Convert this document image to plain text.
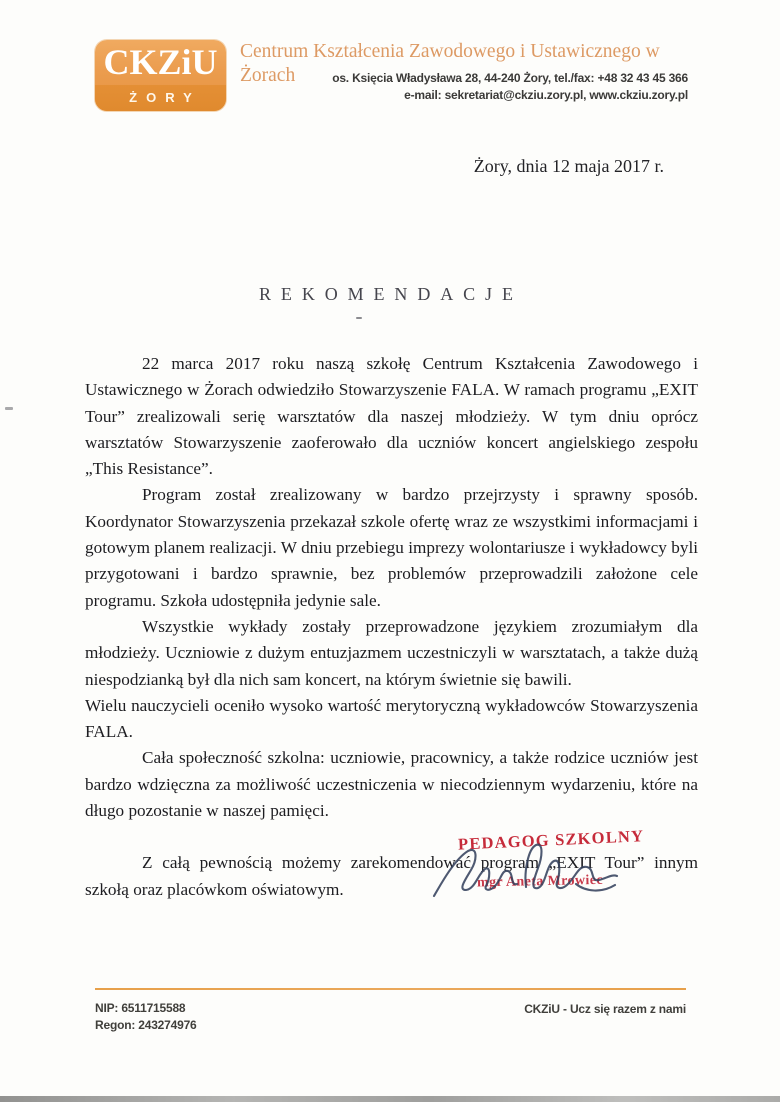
CKZiU
ŻORY
Centrum Kształcenia Zawodowego i Ustawicznego w Żorach	os. Księcia Władysława 28, 44-240 Żory, tel./fax: +48 32 43 45 366
e-mail: sekretariat@ckziu.zory.pl, www.ckziu.zory.pl
Żory, dnia 12 maja 2017 r.
REKOMENDACJE

22 marca 2017 roku naszą szkołę Centrum Kształcenia Zawodowego i Ustawicznego w Żorach odwiedziło Stowarzyszenie FALA. W ramach programu „EXIT Tour” zrealizowali serię warsztatów dla naszej młodzieży. W tym dniu oprócz warsztatów Stowarzyszenie zaoferowało dla uczniów koncert angielskiego zespołu „This Resistance”.

Program został zrealizowany w bardzo przejrzysty i sprawny sposób. Koordynator Stowarzyszenia przekazał szkole ofertę wraz ze wszystkimi informacjami i gotowym planem realizacji. W dniu przebiegu imprezy wolontariusze i wykładowcy byli przygotowani i bardzo sprawnie, bez problemów przeprowadzili założone cele programu. Szkoła udostępniła jedynie sale.

Wszystkie wykłady zostały przeprowadzone językiem zrozumiałym dla młodzieży. Uczniowie z dużym entuzjazmem uczestniczyli w warsztatach, a także dużą niespodzianką był dla nich sam koncert, na którym świetnie się bawili.

Wielu nauczycieli oceniło wysoko wartość merytoryczną wykładowców Stowarzyszenia FALA.

Cała społeczność szkolna: uczniowie, pracownicy, a także rodzice uczniów jest bardzo wdzięczna za możliwość uczestniczenia w niecodziennym wydarzeniu, które na długo pozostanie w naszej pamięci.

Z całą pewnością możemy zarekomendować program „EXIT Tour” innym szkołą oraz placówkom oświatowym.

PEDAGOG SZKOLNY
mgr Aneta Mrowiec
NIP: 6511715588
Regon: 243274976
CKZiU - Ucz się razem z nami
